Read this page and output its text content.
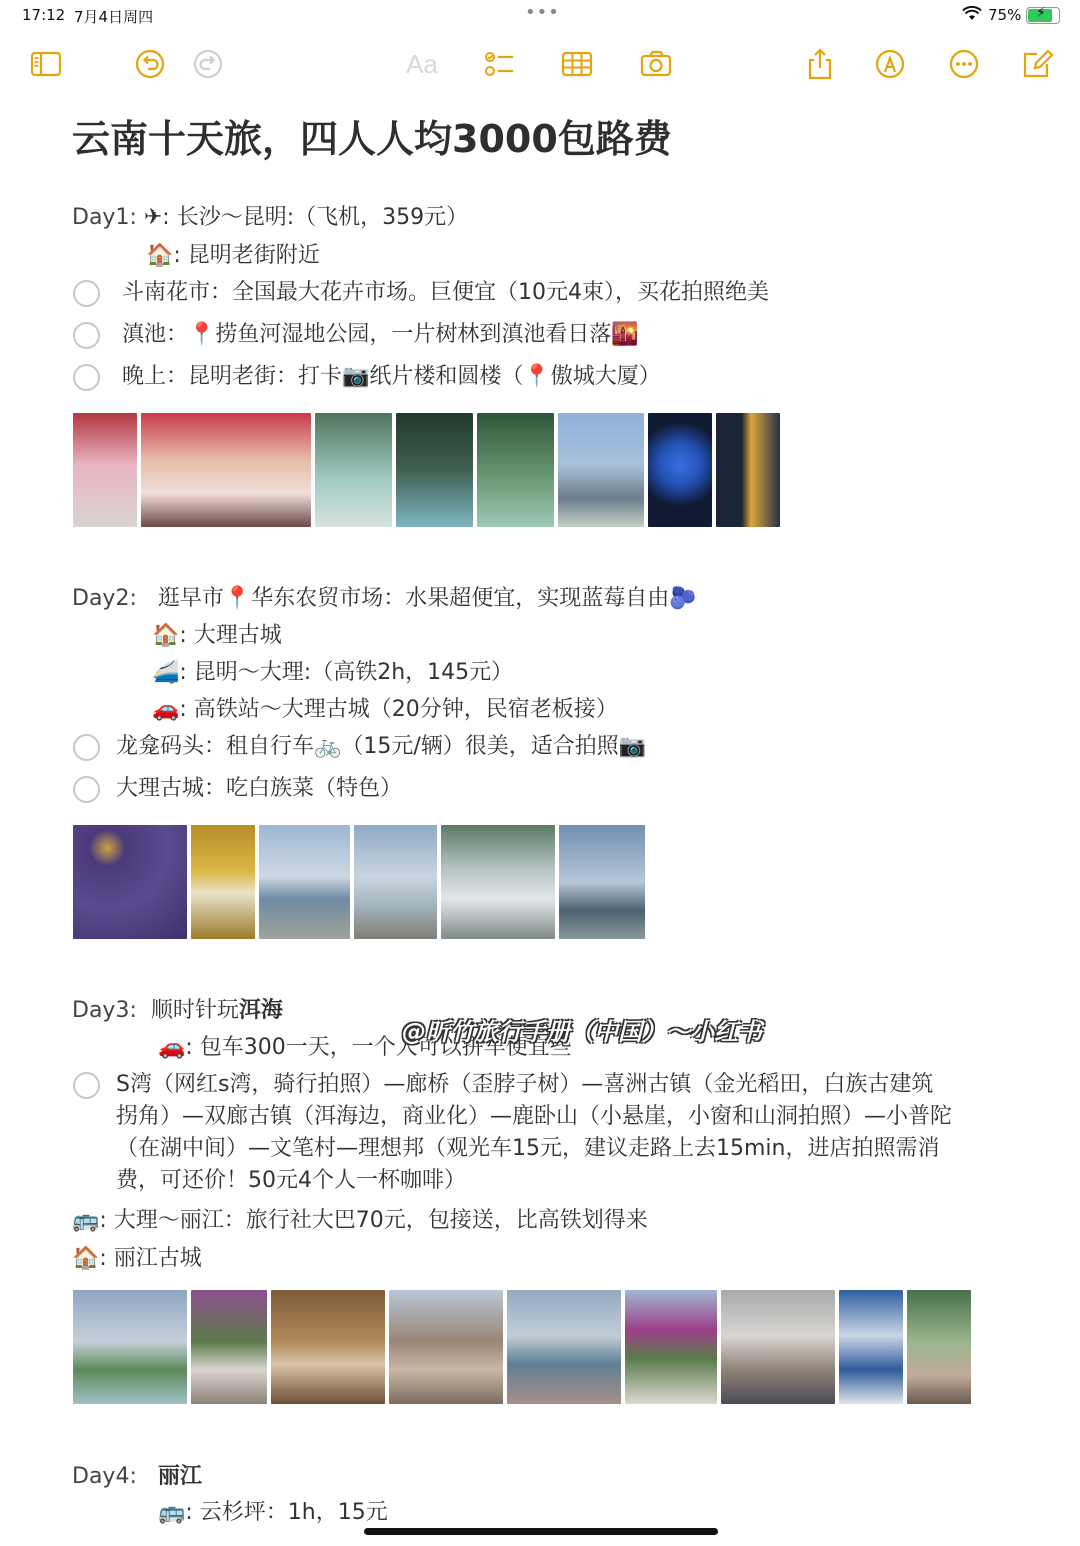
17:12 7月4日周四	•••	75% ⚡
Aa
云南十天旅，四人人均3000包路费
Day1: ✈: 长沙～昆明:（飞机，359元）
🏠: 昆明老街附近
斗南花市：全国最大花卉市场。巨便宜（10元4束），买花拍照绝美
滇池：📍捞鱼河湿地公园，一片树林到滇池看日落🌇
晚上：昆明老街：打卡📷纸片楼和圆楼（📍傲城大厦）
Day2: 逛早市📍华东农贸市场：水果超便宜，实现蓝莓自由🫐
🏠: 大理古城
🚄: 昆明～大理:（高铁2h，145元）
🚗: 高铁站～大理古城（20分钟，民宿老板接）
龙龛码头：租自行车🚲（15元/辆）很美，适合拍照📷
大理古城：吃白族菜（特色）
Day3: 顺时针玩洱海
🚗: 包车300一天，一个人可以拼车便宜些
S湾（网红s湾，骑行拍照）—廊桥（歪脖子树）—喜洲古镇（金光稻田，白族古建筑
拐角）—双廊古镇（洱海边，商业化）—鹿卧山（小悬崖，小窗和山洞拍照）—小普陀
（在湖中间）—文笔村—理想邦（观光车15元，建议走路上去15min，进店拍照需消
费，可还价！50元4个人一杯咖啡）
🚌: 大理～丽江：旅行社大巴70元，包接送，比高铁划得来
🏠: 丽江古城
Day4: 丽江
🚌: 云杉坪：1h，15元
@昕竹旅行手册（中国）～小红书
